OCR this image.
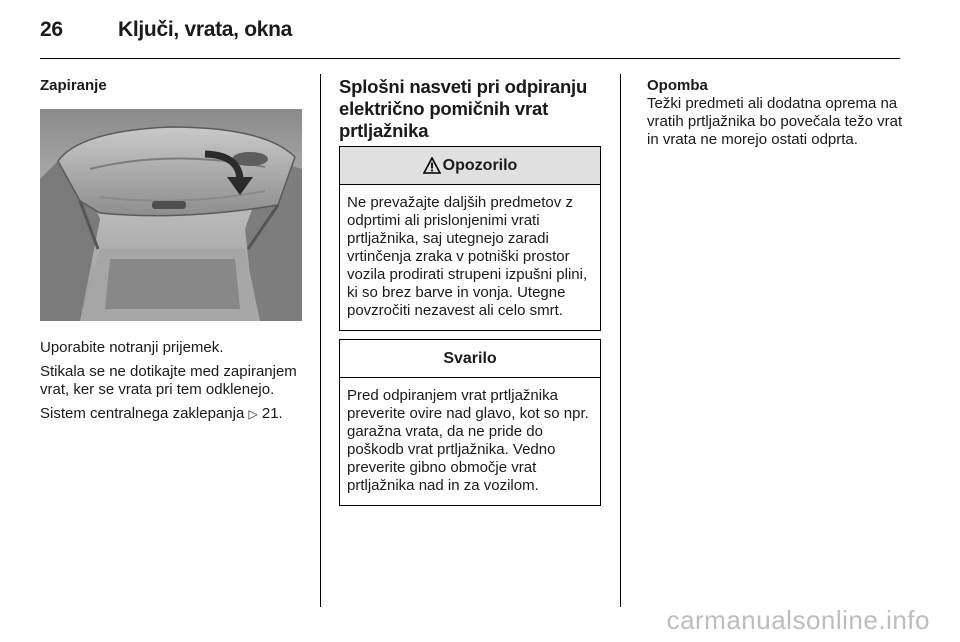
26	Ključi, vrata, okna

Zapiranje

Uporabite notranji prijemek.

Stikala se ne dotikajte med zapiranjem vrat, ker se vrata pri tem odklenejo.

Sistem centralnega zaklepanja ▷ 21.

Splošni nasveti pri odpiranju električno pomičnih vrat prtljažnika
Opozorilo
Ne prevažajte daljših predmetov z odprtimi ali prislonjenimi vrati prtljažnika, saj utegnejo zaradi vrtinčenja zraka v potniški prostor vozila prodirati strupeni izpušni plini, ki so brez barve in vonja. Utegne povzročiti nezavest ali celo smrt.
Svarilo
Pred odpiranjem vrat prtljažnika preverite ovire nad glavo, kot so npr. garažna vrata, da ne pride do poškodb vrat prtljažnika. Vedno preverite gibno območje vrat prtljažnika nad in za vozilom.

Opomba

Težki predmeti ali dodatna oprema na vratih prtljažnika bo povečala težo vrat in vrata ne morejo ostati odprta.

carmanualsonline.info
